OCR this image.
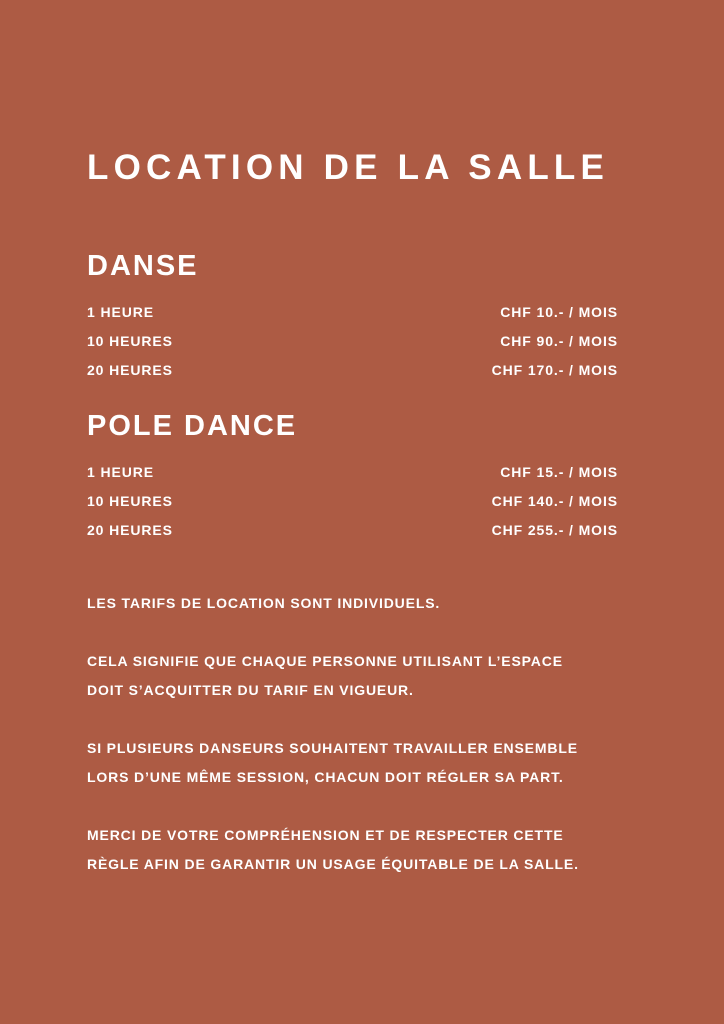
LOCATION DE LA SALLE
DANSE
1 HEURE	CHF 10.- / MOIS
10 HEURES	CHF 90.- / MOIS
20 HEURES	CHF 170.- / MOIS
POLE DANCE
1 HEURE	CHF 15.- / MOIS
10 HEURES	CHF 140.- / MOIS
20 HEURES	CHF 255.- / MOIS

LES TARIFS DE LOCATION SONT INDIVIDUELS.

CELA SIGNIFIE QUE CHAQUE PERSONNE UTILISANT L’ESPACE
DOIT S’ACQUITTER DU TARIF EN VIGUEUR.

SI PLUSIEURS DANSEURS SOUHAITENT TRAVAILLER ENSEMBLE
LORS D’UNE MÊME SESSION, CHACUN DOIT RÉGLER SA PART.

MERCI DE VOTRE COMPRÉHENSION ET DE RESPECTER CETTE
RÈGLE AFIN DE GARANTIR UN USAGE ÉQUITABLE DE LA SALLE.
